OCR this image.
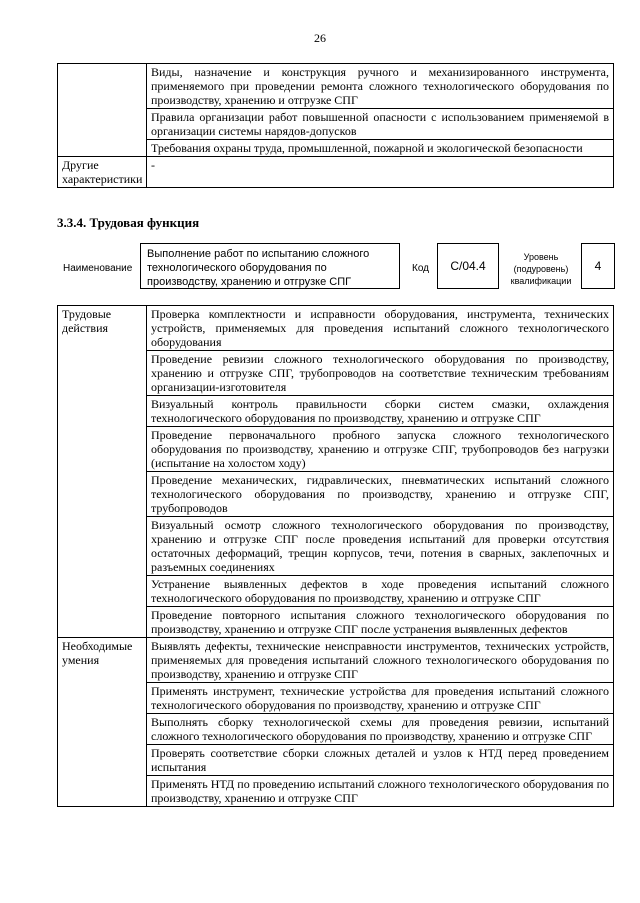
26
	Виды, назначение и конструкция ручного и механизированного инструмента, применяемого при проведении ремонта сложного технологического оборудования по производству, хранению и отгрузке СПГ
	Правила организации работ повышенной опасности с использованием применяемой в организации системы нарядов-допусков
	Требования охраны труда, промышленной, пожарной и экологической безопасности
Другие характеристики	-
3.3.4. Трудовая функция
Наименование
Выполнение работ по испытанию сложного технологического оборудования по производству, хранению и отгрузке СПГ
Код	C/04.4
Уровень (подуровень) квалификации
4
Трудовые действия	Проверка комплектности и исправности оборудования, инструмента, технических устройств, применяемых для проведения испытаний сложного технологического оборудования
	Проведение ревизии сложного технологического оборудования по производству, хранению и отгрузке СПГ, трубопроводов на соответствие техническим требованиям организации-изготовителя
	Визуальный контроль правильности сборки систем смазки, охлаждения технологического оборудования по производству, хранению и отгрузке СПГ
	Проведение первоначального пробного запуска сложного технологического оборудования по производству, хранению и отгрузке СПГ, трубопроводов без нагрузки (испытание на холостом ходу)
	Проведение механических, гидравлических, пневматических испытаний сложного технологического оборудования по производству, хранению и отгрузке СПГ, трубопроводов
	Визуальный осмотр сложного технологического оборудования по производству, хранению и отгрузке СПГ после проведения испытаний для проверки отсутствия остаточных деформаций, трещин корпусов, течи, потения в сварных, заклепочных и разъемных соединениях
	Устранение выявленных дефектов в ходе проведения испытаний сложного технологического оборудования по производству, хранению и отгрузке СПГ
	Проведение повторного испытания сложного технологического оборудования по производству, хранению и отгрузке СПГ после устранения выявленных дефектов
Необходимые умения	Выявлять дефекты, технические неисправности инструментов, технических устройств, применяемых для проведения испытаний сложного технологического оборудования по производству, хранению и отгрузке СПГ
	Применять инструмент, технические устройства для проведения испытаний сложного технологического оборудования по производству, хранению и отгрузке СПГ
	Выполнять сборку технологической схемы для проведения ревизии, испытаний сложного технологического оборудования по производству, хранению и отгрузке СПГ
	Проверять соответствие сборки сложных деталей и узлов к НТД перед проведением испытания
	Применять НТД по проведению испытаний сложного технологического оборудования по производству, хранению и отгрузке СПГ
